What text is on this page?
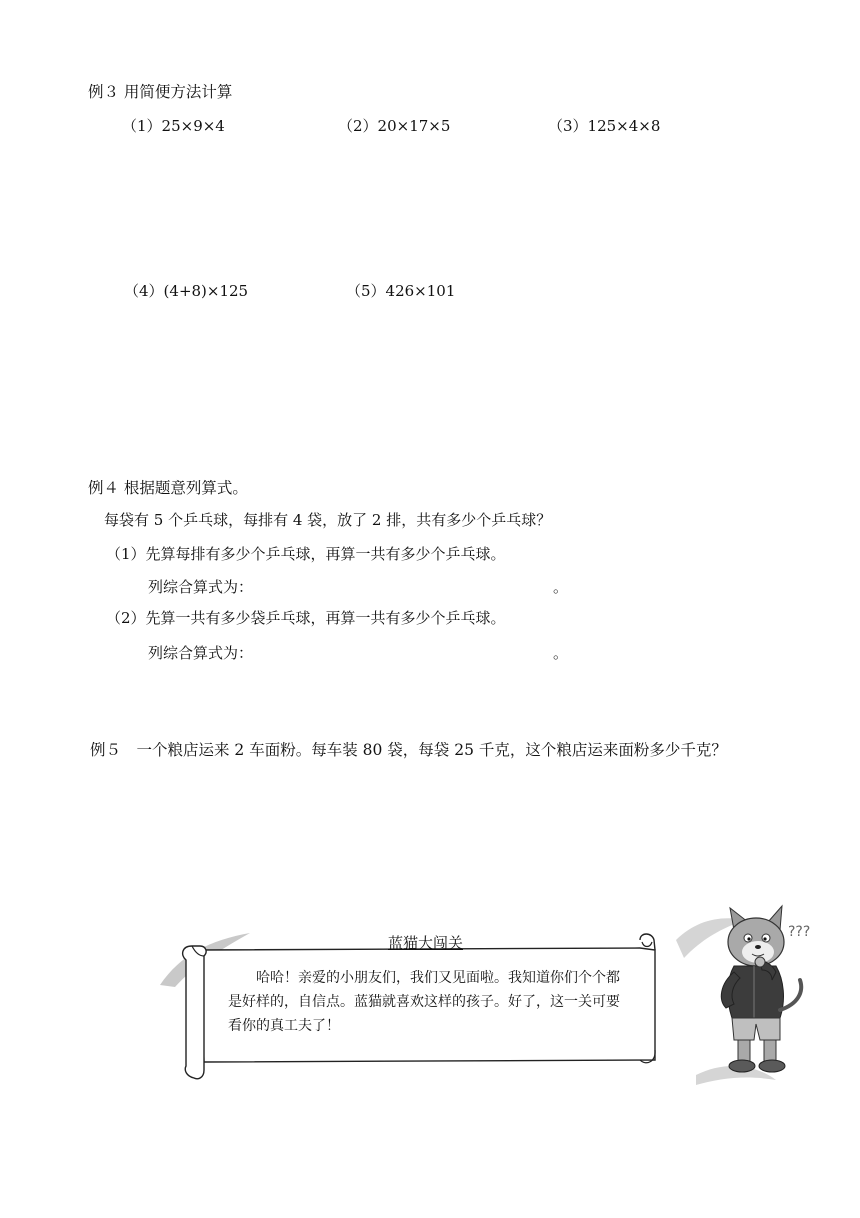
例３ 用简便方法计算
（1）25×9×4	（2）20×17×5	（3）125×4×8
（4）(4+8)×125	（5）426×101
例４ 根据题意列算式。
每袋有 5 个乒乓球，每排有 4 袋，放了 2 排，共有多少个乒乓球？
（1）先算每排有多少个乒乓球，再算一共有多少个乒乓球。
列综合算式为：	。
（2）先算一共有多少袋乒乓球，再算一共有多少个乒乓球。
列综合算式为：	。
例５　一个粮店运来 2 车面粉。每车装 80 袋，每袋 25 千克，这个粮店运来面粉多少千克？
蓝猫大闯关
哈哈！亲爱的小朋友们，我们又见面啦。我知道你们个个都是好样的，自信点。蓝猫就喜欢这样的孩子。好了，这一关可要看你的真工夫了！
???
